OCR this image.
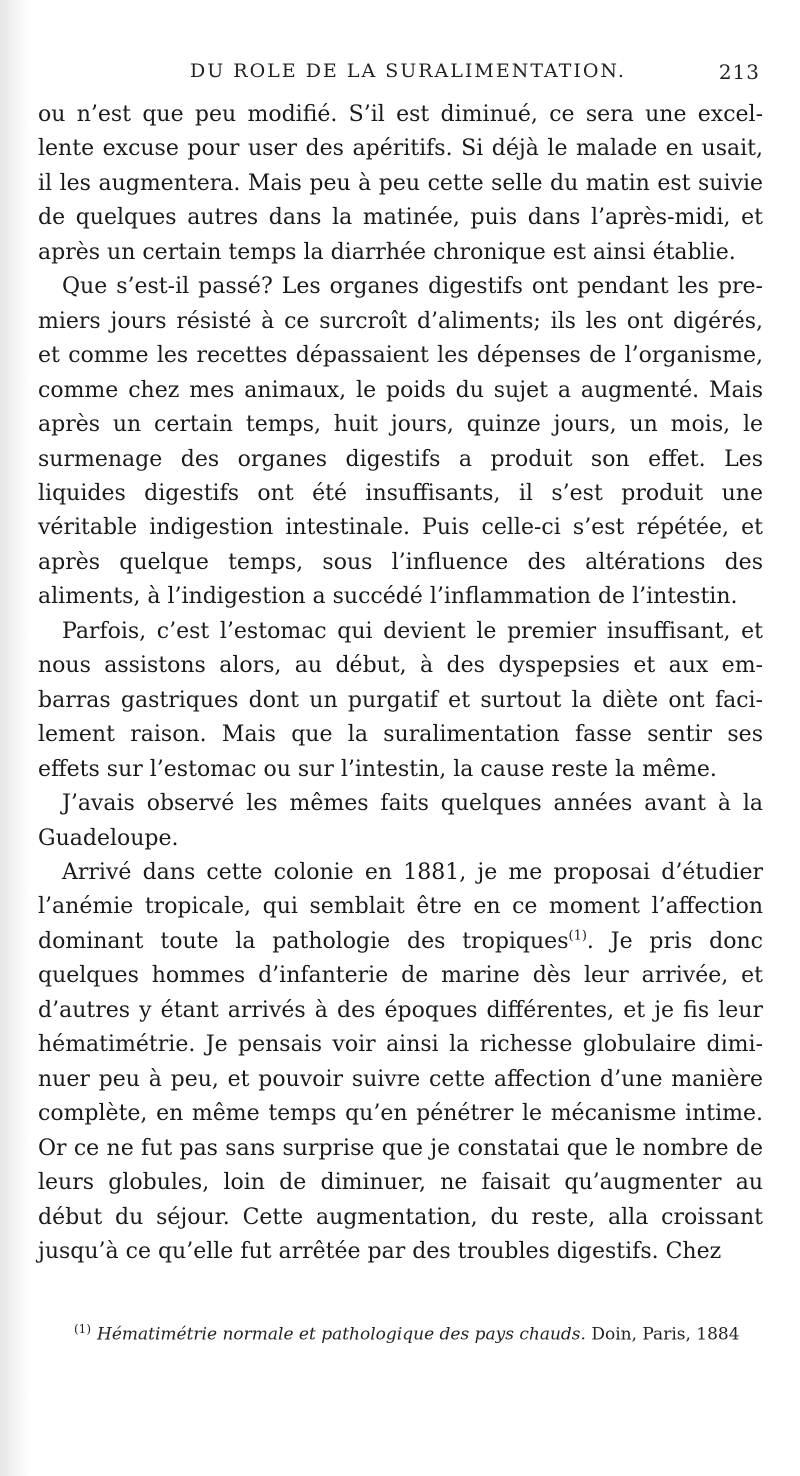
DU ROLE DE LA SURALIMENTATION.	213

ou n’est que peu modifié. S’il est diminué, ce sera une excel-lente excuse pour user des apéritifs. Si déjà le malade en usait, il les augmentera. Mais peu à peu cette selle du matin est suivie de quelques autres dans la matinée, puis dans l’après-midi, et après un certain temps la diarrhée chronique est ainsi établie.

Que s’est-il passé? Les organes digestifs ont pendant les pre-miers jours résisté à ce surcroît d’aliments; ils les ont digérés, et comme les recettes dépassaient les dépenses de l’organisme, comme chez mes animaux, le poids du sujet a augmenté. Mais après un certain temps, huit jours, quinze jours, un mois, le surmenage des organes digestifs a produit son effet. Les liquides digestifs ont été insuffisants, il s’est produit une véritable indigestion intestinale. Puis celle-ci s’est répétée, et après quelque temps, sous l’influence des altérations des aliments, à l’indigestion a succédé l’inflammation de l’intestin.

Parfois, c’est l’estomac qui devient le premier insuffisant, et nous assistons alors, au début, à des dyspepsies et aux em-barras gastriques dont un purgatif et surtout la diète ont faci-lement raison. Mais que la suralimentation fasse sentir ses effets sur l’estomac ou sur l’intestin, la cause reste la même.

J’avais observé les mêmes faits quelques années avant à la Guadeloupe.

Arrivé dans cette colonie en 1881, je me proposai d’étudier l’anémie tropicale, qui semblait être en ce moment l’affection dominant toute la pathologie des tropiques$^{(1)}$. Je pris donc quelques hommes d’infanterie de marine dès leur arrivée, et d’autres y étant arrivés à des époques différentes, et je fis leur hématimétrie. Je pensais voir ainsi la richesse globulaire dimi-nuer peu à peu, et pouvoir suivre cette affection d’une manière complète, en même temps qu’en pénétrer le mécanisme intime. Or ce ne fut pas sans surprise que je constatai que le nombre de leurs globules, loin de diminuer, ne faisait qu’augmenter au début du séjour. Cette augmentation, du reste, alla croissant jusqu’à ce qu’elle fut arrêtée par des troubles digestifs. Chez

$^{(1)}$ Hématimétrie normale et pathologique des pays chauds. Doin, Paris, 1884
